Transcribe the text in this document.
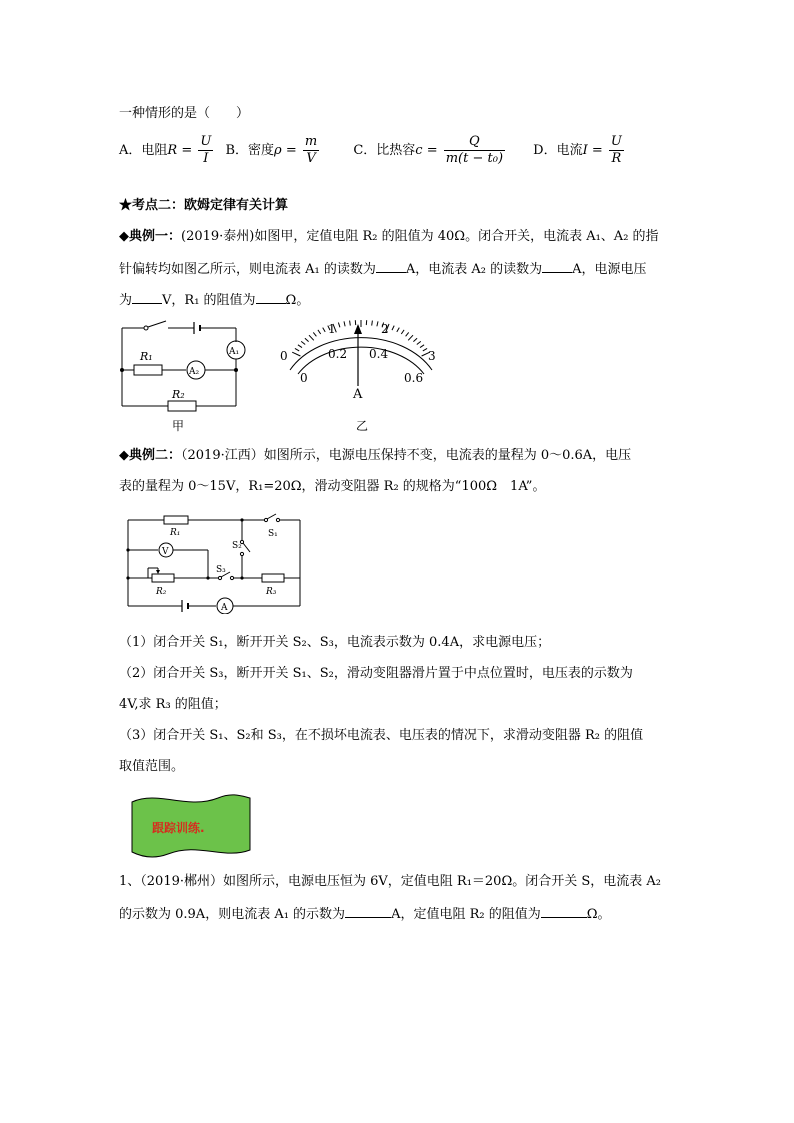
一种情形的是（　　）
A．电阻$R = \frac{U}{I}$ B．密度$\rho = \frac{m}{V}$	C．比热容$c = \frac{Q}{\text{m(t − t₀)}}$ D．电流$I = \frac{U}{R}$
★考点二：欧姆定律有关计算
◆典例一：(2019·泰州)如图甲，定值电阻 R₂ 的阻值为 40Ω。闭合开关，电流表 A₁、A₂ 的指
针偏转均如图乙所示，则电流表 A₁ 的读数为 A，电流表 A₂ 的读数为 A，电源电压
为 V，R₁ 的阻值为 Ω。
R₁
R₂
A₂
A₁
甲
0
1	2
3
0
0.2 0.4
0.6
A
乙
◆典例二：（2019·江西）如图所示，电源电压保持不变，电流表的量程为 0～0.6A，电压
表的量程为 0～15V，R₁=20Ω，滑动变阻器 R₂ 的规格为“100Ω　1A”。
R₁
R₂	R₃
S₁
S₂
S₃
V
A
（1）闭合开关 S₁，断开开关 S₂、S₃，电流表示数为 0.4A，求电源电压；
（2）闭合开关 S₃，断开开关 S₁、S₂，滑动变阻器滑片置于中点位置时，电压表的示数为
4V,求 R₃ 的阻值；
（3）闭合开关 S₁、S₂和 S₃，在不损坏电流表、电压表的情况下，求滑动变阻器 R₂ 的阻值
取值范围。
跟踪训练.
1、（2019·郴州）如图所示，电源电压恒为 6V，定值电阻 R₁＝20Ω。闭合开关 S，电流表 A₂
的示数为 0.9A，则电流表 A₁ 的示数为	A，定值电阻 R₂ 的阻值为	Ω。
